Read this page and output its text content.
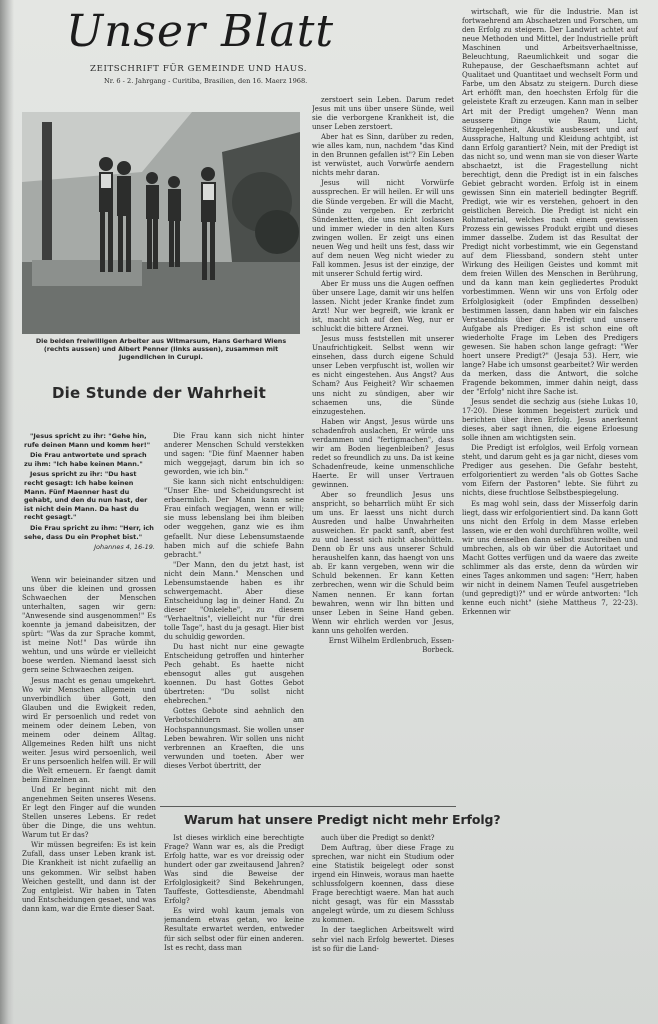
Unser Blatt
ZEITSCHRIFT FÜR GEMEINDE UND HAUS.
Nr. 6 - 2. Jahrgang - Curitiba, Brasilien, den 16. Maerz 1968.
Die beiden freiwilligen Arbeiter aus Witmarsum, Hans Gerhard Wiens (rechts aussen) und Albert Penner (links aussen), zusammen mit Jugendlichen in Curupi.
Die Stunde der Wahrheit

"Jesus spricht zu ihr: "Gehe hin, rufe deinen Mann und komm her!"

Die Frau antwortete und sprach zu ihm: "Ich habe keinen Mann."

Jesus spricht zu ihr: "Du hast recht gesagt: Ich habe keinen Mann. Fünf Maenner hast du gehabt, und den du nun hast, der ist nicht dein Mann. Da hast du recht gesagt."

Die Frau spricht zu ihm: "Herr, ich sehe, dass Du ein Prophet bist."

Johannes 4, 16-19.

Wenn wir beieinander sitzen und uns über die kleinen und grossen Schwaechen der Menschen unterhalten, sagen wir gern: "Anwesende sind ausgenommen!" Es koennte ja jemand dabeisitzen, der spürt: "Was da zur Sprache kommt, ist meine Not!" Das würde ihn wehtun, und uns würde er vielleicht boese werden. Niemand laesst sich gern seine Schwaechen zeigen.

Jesus macht es genau umgekehrt. Wo wir Menschen allgemein und unverbindlich über Gott, den Glauben und die Ewigkeit reden, wird Er persoenlich und redet von meinem oder deinem Leben, von meinem oder deinem Alltag. Allgemeines Reden hilft uns nicht weiter. Jesus wird persoenlich, weil Er uns persoenlich helfen will. Er will die Welt erneuern. Er faengt damit beim Einzelnen an.

Und Er beginnt nicht mit den angenehmen Seiten unseres Wesens. Er legt den Finger auf die wunden Stellen unseres Lebens. Er redet über die Dinge, die uns wehtun. Warum tut Er das?

Wir müssen begreifen: Es ist kein Zufall, dass unser Leben krank ist. Die Krankheit ist nicht zufaellig an uns gekommen. Wir selbst haben Weichen gestellt, und dann ist der Zug entgleist. Wir haben in Taten und Entscheidungen gesaet, und was dann kam, war die Ernte dieser Saat.

Die Frau kann sich nicht hinter anderer Menschen Schuld verstekken und sagen: "Die fünf Maenner haben mich weggejagt, darum bin ich so geworden, wie ich bin."

Sie kann sich nicht entschuldigen: "Unser Ehe- und Scheidungsrecht ist erbaermlich. Der Mann kann seine Frau einfach wegjagen, wenn er will; sie muss lebenslang bei ihm bleiben oder weggehen, ganz wie es ihm gefaellt. Nur diese Lebensumstaende haben mich auf die schiefe Bahn gebracht."

"Der Mann, den du jetzt hast, ist nicht dein Mann." Menschen und Lebensumstaende haben es ihr schwergemacht. Aber diese Entscheidung lag in deiner Hand. Zu dieser "Onkelehe", zu diesem "Verhaeltnis", vielleicht nur "für drei tolle Tage", hast du ja gesagt. Hier bist du schuldig geworden.

Du hast nicht nur eine gewagte Entscheidung getroffen und hinterher Pech gehabt. Es haette nicht ebensogut alles gut ausgehen koennen. Du hast Gottes Gebot übertreten: "Du sollst nicht ehebrechen."

Gottes Gebote sind aehnlich den Verbotschildern am Hochspannungsmast. Sie wollen unser Leben bewahren. Wir sollen uns nicht verbrennen an Kraeften, die uns verwunden und toeten. Aber wer dieses Verbot übertritt, der

zerstoert sein Leben. Darum redet Jesus mit uns über unsere Sünde, weil sie die verborgene Krankheit ist, die unser Leben zerstoert.

Aber hat es Sinn, darüber zu reden, wie alles kam, nun, nachdem "das Kind in den Brunnen gefallen ist"? Ein Leben ist verwüstet, auch Vorwürfe aendern nichts mehr daran.

Jesus will nicht Vorwürfe aussprechen. Er will heilen. Er will uns die Sünde vergeben. Er will die Macht, Sünde zu vergeben. Er zerbricht Sündenketten, die uns nicht loslassen und immer wieder in den alten Kurs zwingen wollen. Er zeigt uns einen neuen Weg und heilt uns fest, dass wir auf dem neuen Weg nicht wieder zu Fall kommen. Jesus ist der einzige, der mit unserer Schuld fertig wird.

Aber Er muss uns die Augen oeffnen über unsere Lage, damit wir uns helfen lassen. Nicht jeder Kranke findet zum Arzt! Nur wer begreift, wie krank er ist, macht sich auf den Weg, nur er schluckt die bittere Arznei.

Jesus muss feststellen mit unserer Unaufrichtigkeit. Selbst wenn wir einsehen, dass durch eigene Schuld unser Leben verpfuscht ist, wollen wir es nicht eingestehen. Aus Angst? Aus Scham? Aus Feigheit? Wir schaemen uns nicht zu sündigen, aber wir schaemen uns, die Sünde einzugestehen.

Haben wir Angst, Jesus würde uns schadenfroh auslachen, Er würde uns verdammen und "fertigmachen", dass wir am Boden liegenbleiben? Jesus redet so freundlich zu uns. Da ist keine Schadenfreude, keine unmenschliche Haerte. Er will unser Vertrauen gewinnen.

Aber so freundlich Jesus uns anspricht, so beharrlich müht Er sich um uns. Er laesst uns nicht durch Ausreden und halbe Unwahrheiten ausweichen. Er packt sanft, aber fest zu und laesst sich nicht abschütteln. Denn ob Er uns aus unserer Schuld heraushelfen kann, das haengt von uns ab. Er kann vergeben, wenn wir die Schuld bekennen. Er kann Ketten zerbrechen, wenn wir die Schuld beim Namen nennen. Er kann fortan bewahren, wenn wir Ihn bitten und unser Leben in Seine Hand geben. Wenn wir ehrlich werden vor Jesus, kann uns geholfen werden.

Ernst Wilhelm Erdlenbruch, Essen-Borbeck.

Warum hat unsere Predigt nicht mehr Erfolg?

Ist dieses wirklich eine berechtigte Frage? Wann war es, als die Predigt Erfolg hatte, war es vor dreissig oder hundert oder gar zweitausend Jahren? Was sind die Beweise der Erfolglosigkeit? Sind Bekehrungen, Tauffeste, Gottesdienste, Abendmahl Erfolg?

Es wird wohl kaum jemals von jemandem etwas getan, wo keine Resultate erwartet werden, entweder für sich selbst oder für einen anderen. Ist es recht, dass man

auch über die Predigt so denkt?

Dem Auftrag, über diese Frage zu sprechen, war nicht ein Studium oder eine Statistik beigelegt oder sonst irgend ein Hinweis, woraus man haette schlussfolgern koennen, dass diese Frage berechtigt waere. Man hat auch nicht gesagt, was für ein Massstab angelegt würde, um zu diesem Schluss zu kommen.

In der taeglichen Arbeitswelt wird sehr viel nach Erfolg bewertet. Dieses ist so für die Land-

wirtschaft, wie für die Industrie. Man ist fortwaehrend am Abschaetzen und Forschen, um den Erfolg zu steigern. Der Landwirt achtet auf neue Methoden und Mittel, der Industrielle prüft Maschinen und Arbeitsverhaeltnisse, Beleuchtung, Raeumlichkeit und sogar die Ruhepause, der Geschaeftsmann achtet auf Qualitaet und Quantitaet und wechselt Form und Farbe, um den Absatz zu steigern. Durch diese Art erhöfft man, den hoechsten Erfolg für die geleistete Kraft zu erzeugen. Kann man in selber Art mit der Predigt umgehen? Wenn man aeussere Dinge wie Raum, Licht, Sitzgelegenheit, Akustik ausbessert und auf Aussprache, Haltung und Kleidung achtgibt, ist dann Erfolg garantiert? Nein, mit der Predigt ist das nicht so, und wenn man sie von dieser Warte abschaetzt, ist die Fragestellung nicht berechtigt, denn die Predigt ist in ein falsches Gebiet gebracht worden. Erfolg ist in einem gewissen Sinn ein materiell bedingter Begriff. Predigt, wie wir es verstehen, gehoert in den geistlichen Bereich. Die Predigt ist nicht ein Rohmaterial, welches nach einem gewissen Prozess ein gewisses Produkt ergibt und dieses immer dasselbe. Zudem ist das Resultat der Predigt nicht vorbestimmt, wie ein Gegenstand auf dem Fliessband, sondern steht unter Wirkung des Heiligen Geistes und kommt mit dem freien Willen des Menschen in Berührung, und da kann man kein gegliedertes Produkt vorbestimmen. Wenn wir uns von Erfolg oder Erfolglosigkeit (oder Empfinden desselben) bestimmen lassen, dann haben wir ein falsches Verstaendnis über die Predigt und unsere Aufgabe als Prediger. Es ist schon eine oft wiederholte Frage im Leben des Predigers gewesen. Sie haben schon lange gefragt: "Wer hoert unsere Predigt?" (Jesaja 53). Herr, wie lange? Habe ich umsonst gearbeitet? Wir werden da merken, dass die Antwort, die solche Fragende bekommen, immer dahin neigt, dass der "Erfolg" nicht ihre Sache ist.

Jesus sendet die sechzig aus (siehe Lukas 10, 17-20). Diese kommen begeistert zurück und berichten über ihren Erfolg. Jesus anerkennt dieses, aber sagt ihnen, die eigene Erloesung solle ihnen am wichtigsten sein.

Die Predigt ist erfolglos, weil Erfolg vornean steht, und darum geht es ja gar nicht, dieses vom Prediger aus gesehen. Die Gefahr besteht, erfolgorientiert zu werden "als ob Gottes Sache vom Eifern der Pastoren" lebte. Sie führt zu nichts, diese fruchtlose Selbstbespiegelung.

Es mag wohl sein, dass der Misserfolg darin liegt, dass wir erfolgorientiert sind. Da kann Gott uns nicht den Erfolg in dem Masse erleben lassen, wie er den wohl durchführen wollte, weil wir uns denselben dann selbst zuschreiben und umbrechen, als ob wir über die Autoritaet und Macht Gottes verfügen und da waere das zweite schlimmer als das erste, denn da würden wir eines Tages ankommen und sagen: "Herr, haben wir nicht in deinem Namen Teufel ausgetrieben (und gepredigt)?" und er würde antworten: "Ich kenne euch nicht" (siehe Mattheus 7, 22-23). Erkennen wir
